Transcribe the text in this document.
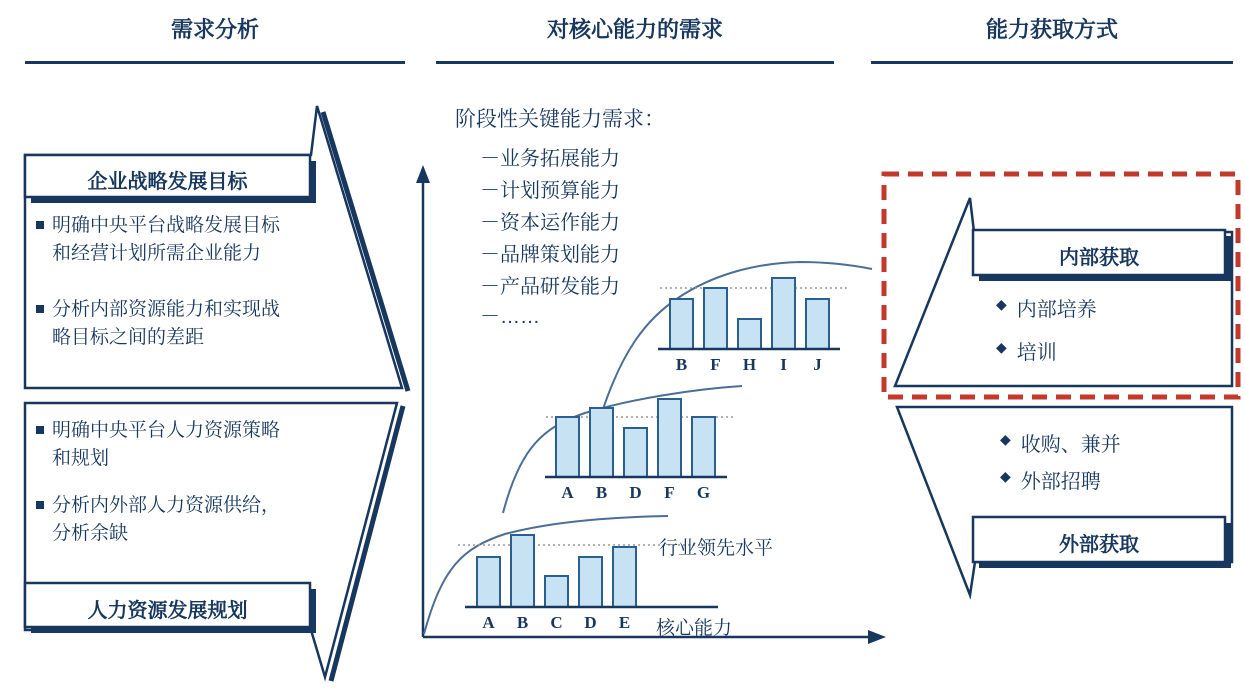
A B C D E
A B D F G
B F H I J
需求分析	对核心能力的需求	能力获取方式
企业战略发展目标
明确中央平台战略发展目标和经营计划所需企业能力
分析内部资源能力和实现战略目标之间的差距
明确中央平台人力资源策略和规划
分析内外部人力资源供给，分析余缺
人力资源发展规划
阶段性关键能力需求：
－业务拓展能力
－计划预算能力
－资本运作能力
－品牌策划能力
－产品研发能力
－……
行业领先水平
核心能力
内部获取
◆ 内部培养
◆ 培训
◆ 收购、兼并
◆ 外部招聘
外部获取
